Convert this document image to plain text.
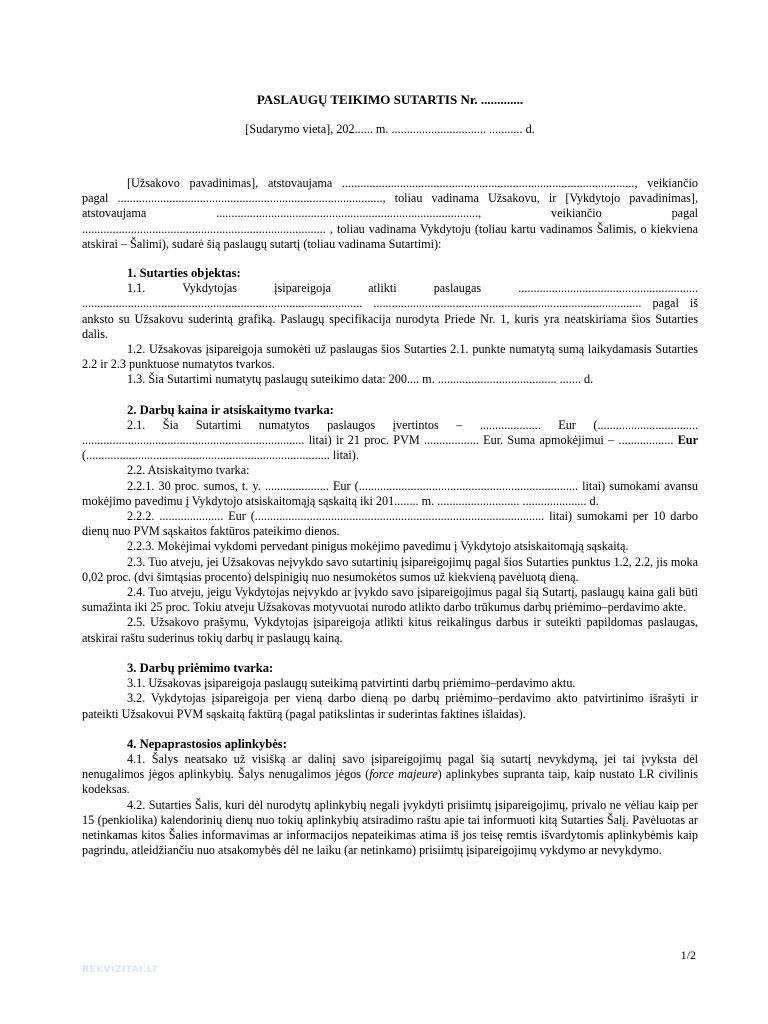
PASLAUGŲ TEIKIMO SUTARTIS Nr. .............
[Sudarymo vieta], 202...... m. ............................... ........... d.

[Užsakovo pavadinimas], atstovaujama ................................................................................................, veikiančio pagal ......................................................................................., toliau vadinama Užsakovu, ir [Vykdytojo pavadinimas], atstovaujama ......................................................................................, veikiančio pagal ................................................................................ , toliau vadinama Vykdytoju (toliau kartu vadinamos Šalimis, o kiekviena atskirai – Šalimi), sudarė šią paslaugų sutartį (toliau vadinama Sutartimi):

1. Sutarties objektas:

1.1. Vykdytojas įsipareigoja atlikti paslaugas ........................................................... ............................................................................................ ........................................................................................ pagal iš anksto su Užsakovu suderintą grafiką. Paslaugų specifikacija nurodyta Priede Nr. 1, kuris yra neatskiriama šios Sutarties dalis.

1.2. Užsakovas įsipareigoja sumokėti už paslaugas šios Sutarties 2.1. punkte numatytą sumą laikydamasis Sutarties 2.2 ir 2.3 punktuose numatytos tvarkos.

1.3. Šia Sutartimi numatytų paslaugų suteikimo data: 200.... m. ....................................... ....... d.

2. Darbų kaina ir atsiskaitymo tvarka:

2.1. Šia Sutartimi numatytos paslaugos įvertintos – .................... Eur (................................. ......................................................................... litai) ir 21 proc. PVM .................. Eur. Suma apmokėjimui – .................. Eur (................................................................................ litai).

2.2. Atsiskaitymo tvarka:

2.2.1. 30 proc. sumos, t. y. ..................... Eur (........................................................................ litai) sumokami avansu mokėjimo pavedimu į Vykdytojo atsiskaitomąją sąskaitą iki 201........ m. ........................... ..................... d.

2.2.2. ..................... Eur (............................................................................................... litai) sumokami per 10 darbo dienų nuo PVM sąskaitos faktūros pateikimo dienos.

2.2.3. Mokėjimai vykdomi pervedant pinigus mokėjimo pavedimu į Vykdytojo atsiskaitomąją sąskaitą.

2.3. Tuo atveju, jei Užsakovas neįvykdo savo sutartinių įsipareigojimų pagal šios Sutarties punktus 1.2, 2.2, jis moka 0,02 proc. (dvi šimtąsias procento) delspinigių nuo nesumokėtos sumos už kiekvieną pavėluotą dieną.

2.4. Tuo atveju, jeigu Vykdytojas neįvykdo ar įvykdo savo įsipareigojimus pagal šią Sutartį, paslaugų kaina gali būti sumažinta iki 25 proc. Tokiu atveju Užsakovas motyvuotai nurodo atlikto darbo trūkumus darbų priėmimo–perdavimo akte.

2.5. Užsakovo prašymu, Vykdytojas įsipareigoja atlikti kitus reikalingus darbus ir suteikti papildomas paslaugas, atskirai raštu suderinus tokių darbų ir paslaugų kainą.

3. Darbų priėmimo tvarka:

3.1. Užsakovas įsipareigoja paslaugų suteikimą patvirtinti darbų priėmimo–perdavimo aktu.

3.2. Vykdytojas įsipareigoja per vieną darbo dieną po darbų priėmimo–perdavimo akto patvirtinimo išrašyti ir pateikti Užsakovui PVM sąskaitą faktūrą (pagal patikslintas ir suderintas faktines išlaidas).

4. Nepaprastosios aplinkybės:

4.1. Šalys neatsako už visišką ar dalinį savo įsipareigojimų pagal šią sutartį nevykdymą, jei tai įvyksta dėl nenugalimos jėgos aplinkybių. Šalys nenugalimos jėgos (force majeure) aplinkybes supranta taip, kaip nustato LR civilinis kodeksas.

4.2. Sutarties Šalis, kuri dėl nurodytų aplinkybių negali įvykdyti prisiimtų įsipareigojimų, privalo ne vėliau kaip per 15 (penkiolika) kalendorinių dienų nuo tokių aplinkybių atsiradimo raštu apie tai informuoti kitą Sutarties Šalį. Pavėluotas ar netinkamas kitos Šalies informavimas ar informacijos nepateikimas atima iš jos teisę remtis išvardytomis aplinkybėmis kaip pagrindu, atleidžiančiu nuo atsakomybės dėl ne laiku (ar netinkamo) prisiimtų įsipareigojimų vykdymo ar nevykdymo.

1/2
REKVIZITAI.LT
